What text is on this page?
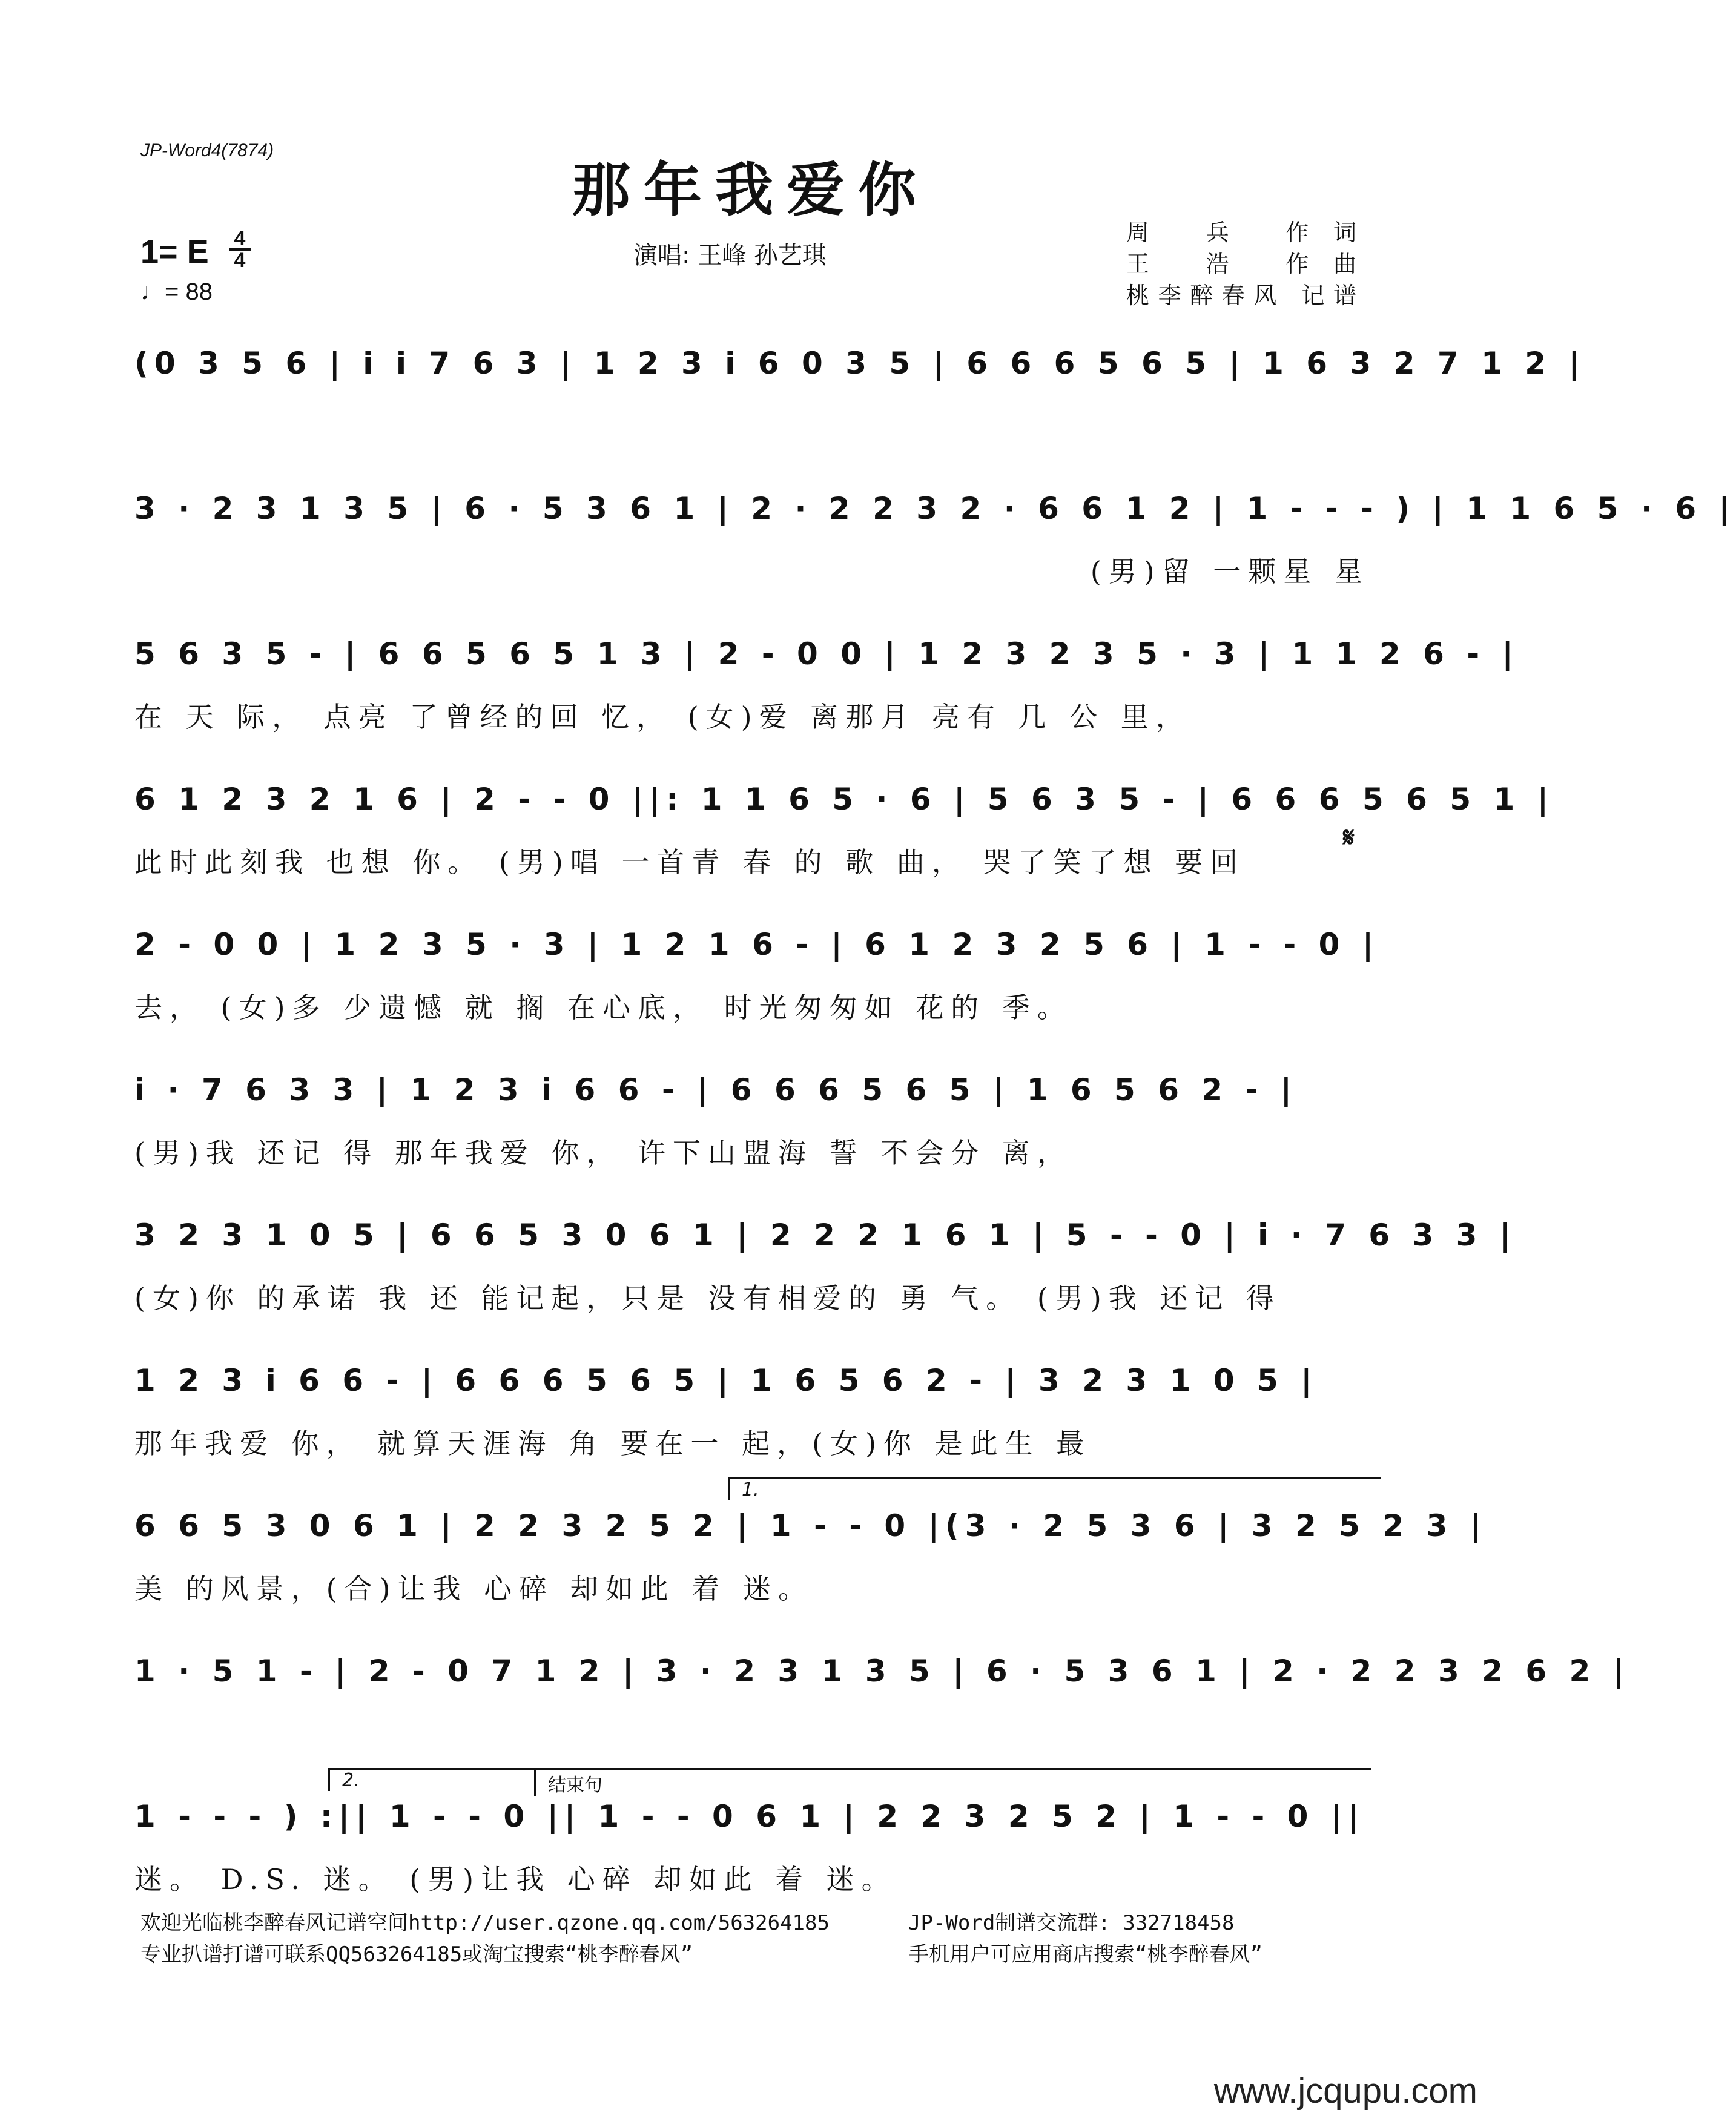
JP-Word4(7874)
那年我爱你
1= E 4
4
♩= 88
演唱: 王峰 孙艺琪
周 兵 作词
王 浩 作曲
桃李醉春风 记谱
𝄋
(0 3 5 6 | i i 7 6 3 | 1 2 3 i 6 0 3 5 | 6 6 6 5 6 5 | 1 6 3 2 7 1 2 |
3 · 2 3 1 3 5 | 6 · 5 3 6 1 | 2 · 2 2 3 2 · 6 6 1 2 | 1 - - - ) | 1 1 6 5 · 6 |
(男)留 一颗星 星
5 6 3 5 - | 6 6 5 6 5 1 3 | 2 - 0 0 | 1 2 3 2 3 5 · 3 | 1 1 2 6 - |
在 天 际， 点亮 了曾经的回 忆， (女)爱 离那月 亮有 几 公 里，
6 1 2 3 2 1 6 | 2 - - 0 ||: 1 1 6 5 · 6 | 5 6 3 5 - | 6 6 6 5 6 5 1 |
此时此刻我 也想 你。 (男)唱 一首青 春 的 歌 曲， 哭了笑了想 要回
2 - 0 0 | 1 2 3 5 · 3 | 1 2 1 6 - | 6 1 2 3 2 5 6 | 1 - - 0 |
去， (女)多 少遗憾 就 搁 在心底， 时光匆匆如 花的 季。
i · 7 6 3 3 | 1 2 3 i 6 6 - | 6 6 6 5 6 5 | 1 6 5 6 2 - |
(男)我 还记 得 那年我爱 你， 许下山盟海 誓 不会分 离，
3 2 3 1 0 5 | 6 6 5 3 0 6 1 | 2 2 2 1 6 1 | 5 - - 0 | i · 7 6 3 3 |
(女)你 的承诺 我 还 能记起，只是 没有相爱的 勇 气。 (男)我 还记 得
1 2 3 i 6 6 - | 6 6 6 5 6 5 | 1 6 5 6 2 - | 3 2 3 1 0 5 |
那年我爱 你， 就算天涯海 角 要在一 起，(女)你 是此生 最
1.
6 6 5 3 0 6 1 | 2 2 3 2 5 2 | 1 - - 0 |(3 · 2 5 3 6 | 3 2 5 2 3 |
美 的风景，(合)让我 心碎 却如此 着 迷。
1 · 5 1 - | 2 - 0 7 1 2 | 3 · 2 3 1 3 5 | 6 · 5 3 6 1 | 2 · 2 2 3 2 6 2 |
2.	结束句
1 - - - ) :|| 1 - - 0 || 1 - - 0 6 1 | 2 2 3 2 5 2 | 1 - - 0 ||
迷。 D.S. 迷。 (男)让我 心碎 却如此 着 迷。
欢迎光临桃李醉春风记谱空间http://user.qzone.qq.com/563264185
专业扒谱打谱可联系QQ563264185或淘宝搜索“桃李醉春风”
JP-Word制谱交流群: 332718458
手机用户可应用商店搜索“桃李醉春风”
www.jcqupu.com
